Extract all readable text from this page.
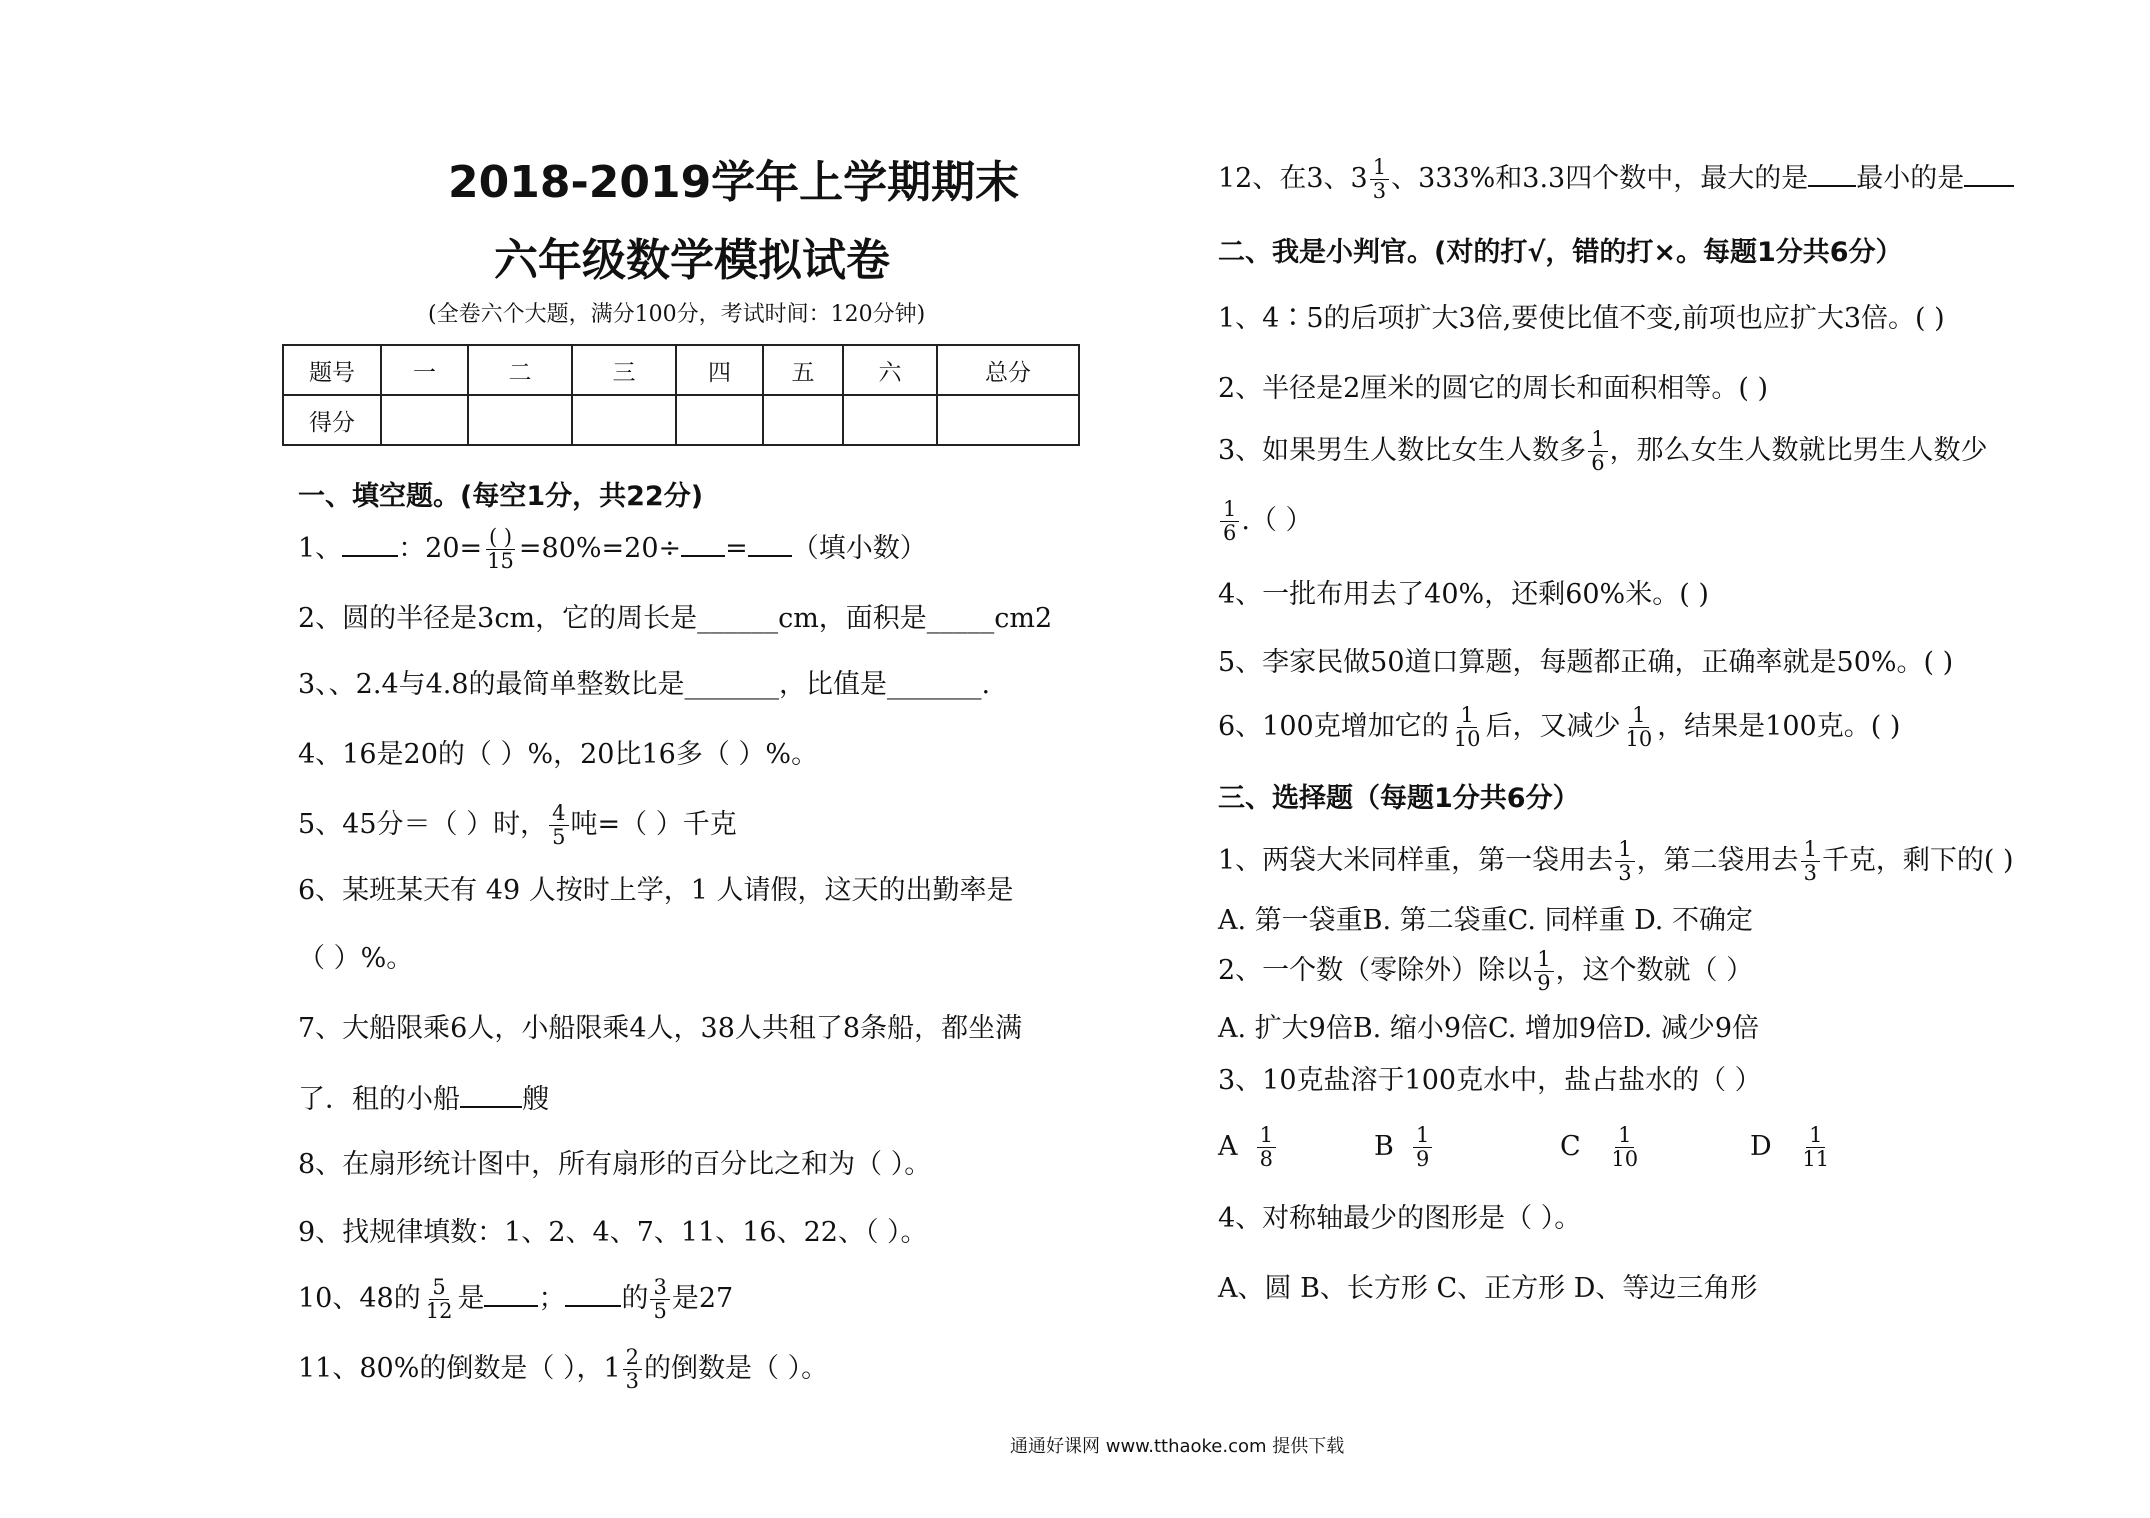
2018-2019学年上学期期末
六年级数学模拟试卷
(全卷六个大题，满分100分，考试时间：120分钟)
题号	一	二	三	四	五	六	总分
得分							
一、填空题。(每空1分，共22分)
1、 ：$20= \frac{( )}{15} =80\%=20\div$ = （填小数）
2、圆的半径是3cm，它的周长是______cm，面积是_____cm2
3、、2.4与4.8的最简单整数比是_______，比值是_______.
4、16是20的（ ）%，20比16多（ ）%。
5、45分＝（ ）时， $\frac{4}{5}$ 吨=（ ）千克
6、某班某天有 49 人按时上学，1 人请假，这天的出勤率是
（ ）%。
7、大船限乘6人，小船限乘4人，38人共租了8条船，都坐满
了．租的小船 艘
8、在扇形统计图中，所有扇形的百分比之和为（ ）。
9、找规律填数：1、2、4、7、11、16、22、（ ）。
10、48的 $\frac{5}{12}$ 是 ； 的 $\frac{3}{5}$ 是27
11、80%的倒数是（ ），$1 \frac{2}{3}$ 的倒数是（ ）。
12、在3、$3 \frac{1}{3}$ 、333%和3.3四个数中，最大的是 最小的是
二、我是小判官。(对的打√，错的打×。每题1分共6分）
1、4∶5的后项扩大3倍,要使比值不变,前项也应扩大3倍。( )
2、半径是2厘米的圆它的周长和面积相等。( )
3、如果男生人数比女生人数多 $\frac{1}{6}$ ，那么女生人数就比男生人数少
$\frac{1}{6}$ .（ ）
4、一批布用去了40%，还剩60%米。( )
5、李家民做50道口算题，每题都正确，正确率就是50%。( )
6、100克增加它的 $\frac{1}{10}$ 后，又减少 $\frac{1}{10}$ ，结果是100克。( )
三、选择题（每题1分共6分）
1、两袋大米同样重，第一袋用去 $\frac{1}{3}$ ，第二袋用去 $\frac{1}{3}$ 千克，剩下的( )
A. 第一袋重B. 第二袋重C. 同样重 D. 不确定
2、一个数（零除外）除以 $\frac{1}{9}$ ，这个数就（ ）
A. 扩大9倍B. 缩小9倍C. 增加9倍D. 减少9倍
3、10克盐溶于100克水中，盐占盐水的（ ）
A $\frac{1}{8}$	B $\frac{1}{9}$	C $\frac{1}{10}$	D $\frac{1}{11}$
4、对称轴最少的图形是（ ）。
A、圆 B、长方形 C、正方形 D、等边三角形
通通好课网 www.tthaoke.com 提供下载
